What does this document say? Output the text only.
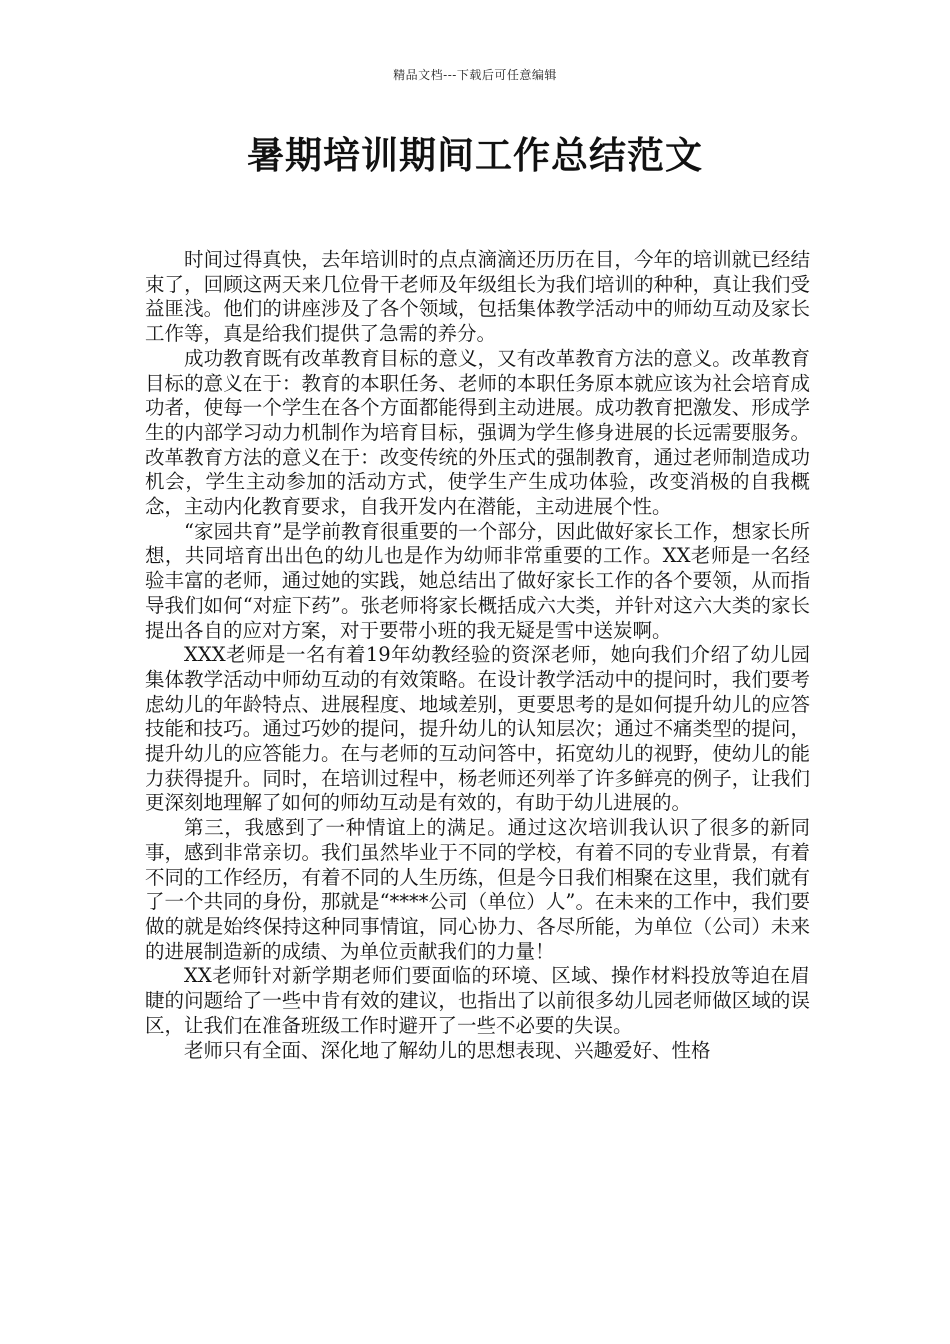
精品文档---下载后可任意编辑
暑期培训期间工作总结范文

时间过得真快，去年培训时的点点滴滴还历历在目，今年的培训就已经结束了，回顾这两天来几位骨干老师及年级组长为我们培训的种种，真让我们受益匪浅。他们的讲座涉及了各个领域，包括集体教学活动中的师幼互动及家长工作等，真是给我们提供了急需的养分。

成功教育既有改革教育目标的意义，又有改革教育方法的意义。改革教育目标的意义在于：教育的本职任务、老师的本职任务原本就应该为社会培育成功者，使每一个学生在各个方面都能得到主动进展。成功教育把激发、形成学生的内部学习动力机制作为培育目标，强调为学生修身进展的长远需要服务。改革教育方法的意义在于：改变传统的外压式的强制教育，通过老师制造成功机会，学生主动参加的活动方式，使学生产生成功体验，改变消极的自我概念，主动内化教育要求，自我开发内在潜能，主动进展个性。

“家园共育”是学前教育很重要的一个部分，因此做好家长工作，想家长所想，共同培育出出色的幼儿也是作为幼师非常重要的工作。XX老师是一名经验丰富的老师，通过她的实践，她总结出了做好家长工作的各个要领，从而指导我们如何“对症下药”。张老师将家长概括成六大类，并针对这六大类的家长提出各自的应对方案，对于要带小班的我无疑是雪中送炭啊。

XXX老师是一名有着19年幼教经验的资深老师，她向我们介绍了幼儿园集体教学活动中师幼互动的有效策略。在设计教学活动中的提问时，我们要考虑幼儿的年龄特点、进展程度、地域差别，更要思考的是如何提升幼儿的应答技能和技巧。通过巧妙的提问，提升幼儿的认知层次；通过不痛类型的提问，提升幼儿的应答能力。在与老师的互动问答中，拓宽幼儿的视野，使幼儿的能力获得提升。同时，在培训过程中，杨老师还列举了许多鲜亮的例子，让我们更深刻地理解了如何的师幼互动是有效的，有助于幼儿进展的。

第三，我感到了一种情谊上的满足。通过这次培训我认识了很多的新同事，感到非常亲切。我们虽然毕业于不同的学校，有着不同的专业背景，有着不同的工作经历，有着不同的人生历练，但是今日我们相聚在这里，我们就有了一个共同的身份，那就是“****公司（单位）人”。在未来的工作中，我们要做的就是始终保持这种同事情谊，同心协力、各尽所能，为单位（公司）未来的进展制造新的成绩、为单位贡献我们的力量！

XX老师针对新学期老师们要面临的环境、区域、操作材料投放等迫在眉睫的问题给了一些中肯有效的建议，也指出了以前很多幼儿园老师做区域的误区，让我们在准备班级工作时避开了一些不必要的失误。

老师只有全面、深化地了解幼儿的思想表现、兴趣爱好、性格
